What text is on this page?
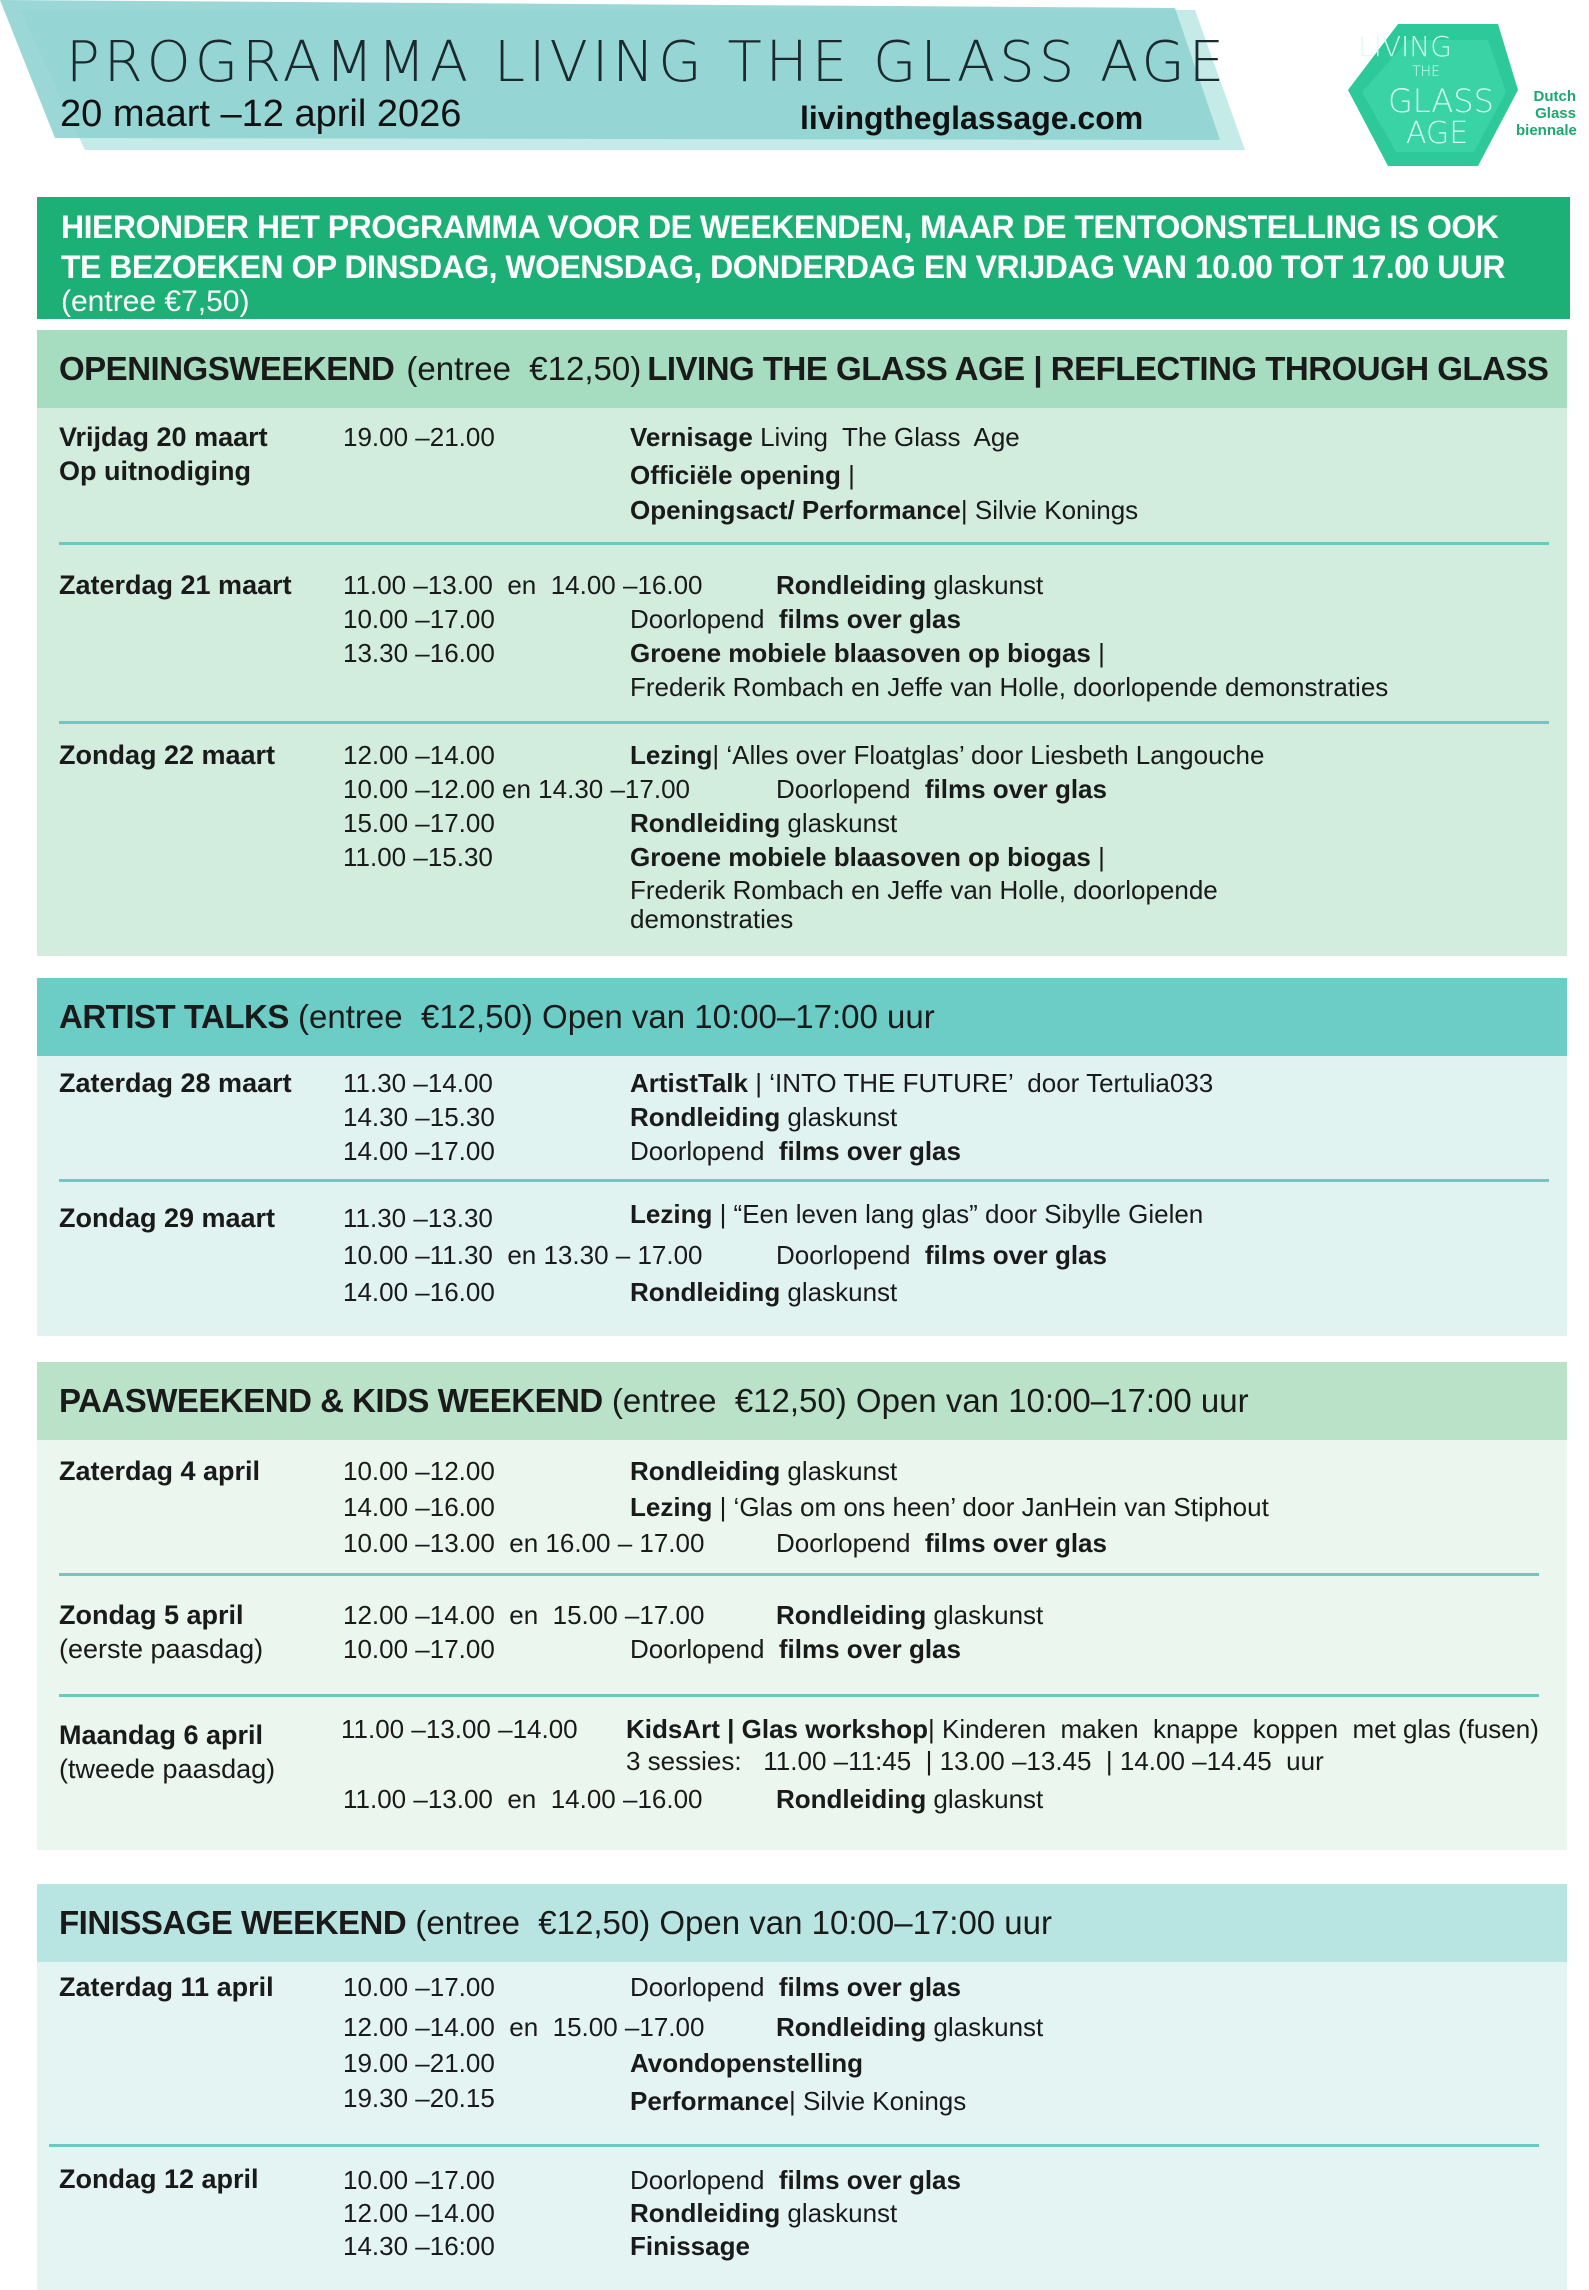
PROGRAMMA LIVING THE GLASS AGE
20 maart –12 april 2026	livingtheglassage.com
LIVING
THE
GLASS
AGE
Dutch
Glass
biennale
HIERONDER HET PROGRAMMA VOOR DE WEEKENDEN, MAAR DE TENTOONSTELLING IS OOK
TE BEZOEKEN OP DINSDAG, WOENSDAG, DONDERDAG EN VRIJDAG VAN 10.00 TOT 17.00 UUR
(entree €7,50)
OPENINGSWEEKEND (entree  €12,50) LIVING THE GLASS AGE | REFLECTING THROUGH GLASS
Vrijdag 20 maart
Op uitnodiging
19.00 –21.00	Vernisage Living  The Glass  Age
Officiële opening |
Openingsact/ Performance| Silvie Konings
Zaterdag 21 maart 11.00 –13.00  en  14.00 –16.00	Rondleiding glaskunst
10.00 –17.00	Doorlopend  films over glas
13.30 –16.00	Groene mobiele blaasoven op biogas |
Frederik Rombach en Jeffe van Holle, doorlopende demonstraties
Zondag 22 maart	12.00 –14.00	Lezing| ‘Alles over Floatglas’ door Liesbeth Langouche
10.00 –12.00 en 14.30 –17.00	Doorlopend  films over glas
15.00 –17.00	Rondleiding glaskunst
11.00 –15.30	Groene mobiele blaasoven op biogas |
Frederik Rombach en Jeffe van Holle, doorlopende
demonstraties
ARTIST TALKS (entree  €12,50) Open van 10:00–17:00 uur
Zaterdag 28 maart 11.30 –14.00	ArtistTalk | ‘INTO THE FUTURE’  door Tertulia033
14.30 –15.30	Rondleiding glaskunst
14.00 –17.00	Doorlopend  films over glas
Zondag 29 maart	11.30 –13.30	Lezing | “Een leven lang glas” door Sibylle Gielen
10.00 –11.30  en 13.30 – 17.00	Doorlopend  films over glas
14.00 –16.00	Rondleiding glaskunst
PAASWEEKEND & KIDS WEEKEND (entree  €12,50) Open van 10:00–17:00 uur
Zaterdag 4 april	10.00 –12.00	Rondleiding glaskunst
14.00 –16.00	Lezing | ‘Glas om ons heen’ door JanHein van Stiphout
10.00 –13.00  en 16.00 – 17.00	Doorlopend  films over glas
Zondag 5 april
(eerste paasdag)
12.00 –14.00  en  15.00 –17.00	Rondleiding glaskunst
10.00 –17.00	Doorlopend  films over glas
Maandag 6 april
(tweede paasdag)
11.00 –13.00 –14.00 KidsArt | Glas workshop| Kinderen  maken  knappe  koppen  met glas (fusen)
3 sessies:   11.00 –11:45  | 13.00 –13.45  | 14.00 –14.45  uur
11.00 –13.00  en  14.00 –16.00	Rondleiding glaskunst
FINISSAGE WEEKEND (entree  €12,50) Open van 10:00–17:00 uur
Zaterdag 11 april	10.00 –17.00	Doorlopend  films over glas
12.00 –14.00  en  15.00 –17.00	Rondleiding glaskunst
19.00 –21.00	Avondopenstelling
19.30 –20.15	Performance| Silvie Konings
Zondag 12 april	10.00 –17.00	Doorlopend  films over glas
12.00 –14.00	Rondleiding glaskunst
14.30 –16:00	Finissage
